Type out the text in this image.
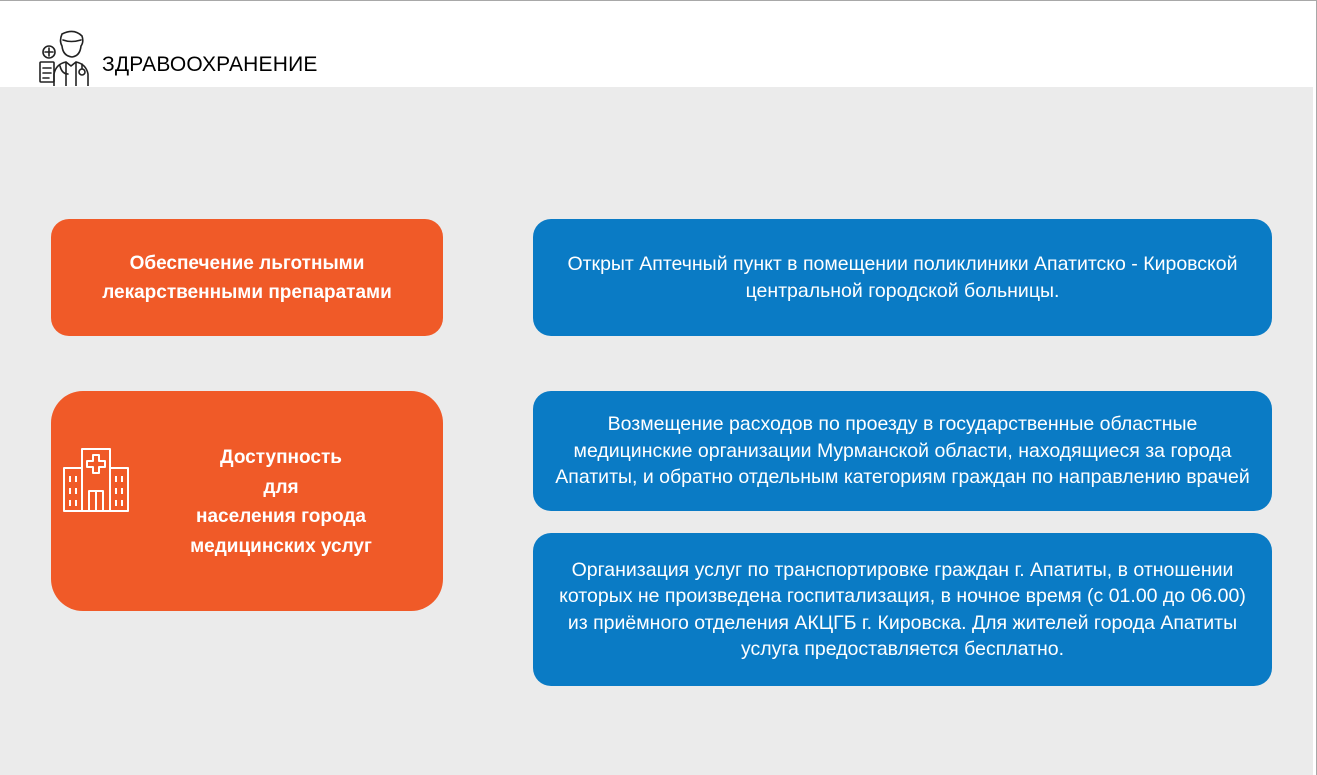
ЗДРАВООХРАНЕНИЕ
Обеспечение льготными
лекарственными препаратами
Доступность
для
населения города
медицинских услуг
Открыт Аптечный пункт в помещении поликлиники Апатитско - Кировской центральной городской больницы.
Возмещение расходов по проезду в государственные областные медицинские организации Мурманской области, находящиеся за города Апатиты, и обратно отдельным категориям граждан по направлению врачей
Организация услуг по транспортировке граждан г. Апатиты, в отношении которых не произведена госпитализация, в ночное время (с 01.00 до 06.00) из приёмного отделения АКЦГБ г. Кировска. Для жителей города Апатиты услуга предоставляется бесплатно.
